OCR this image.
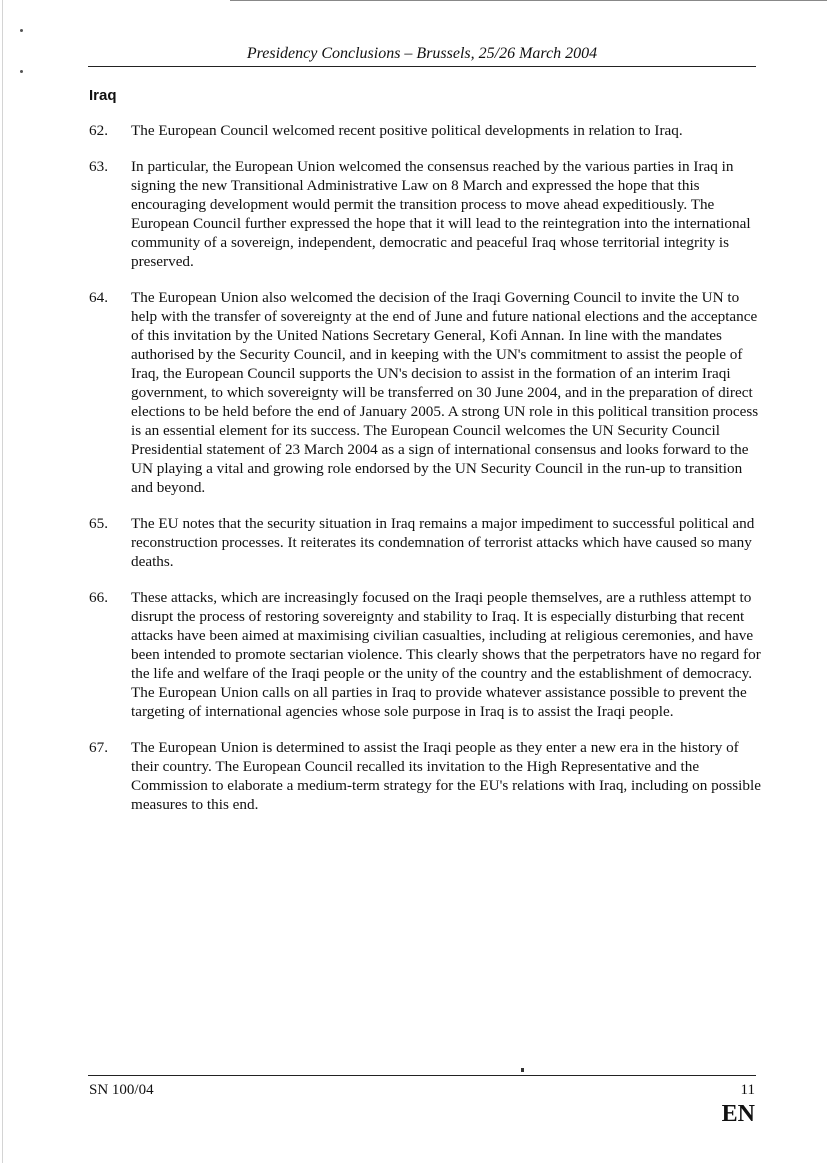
Presidency Conclusions – Brussels, 25/26 March 2004
Iraq
62.	The European Council welcomed recent positive political developments in relation to Iraq.
63.	In particular, the European Union welcomed the consensus reached by the various parties in Iraq in signing the new Transitional Administrative Law on 8 March and expressed the hope that this encouraging development would permit the transition process to move ahead expeditiously. The European Council further expressed the hope that it will lead to the reintegration into the international community of a sovereign, independent, democratic and peaceful Iraq whose territorial integrity is preserved.
64.	The European Union also welcomed the decision of the Iraqi Governing Council to invite the UN to help with the transfer of sovereignty at the end of June and future national elections and the acceptance of this invitation by the United Nations Secretary General, Kofi Annan. In line with the mandates authorised by the Security Council, and in keeping with the UN's commitment to assist the people of Iraq, the European Council supports the UN's decision to assist in the formation of an interim Iraqi government, to which sovereignty will be transferred on 30 June 2004, and in the preparation of direct elections to be held before the end of January 2005. A strong UN role in this political transition process is an essential element for its success. The European Council welcomes the UN Security Council Presidential statement of 23 March 2004 as a sign of international consensus and looks forward to the UN playing a vital and growing role endorsed by the UN Security Council in the run-up to transition and beyond.
65.	The EU notes that the security situation in Iraq remains a major impediment to successful political and reconstruction processes. It reiterates its condemnation of terrorist attacks which have caused so many deaths.
66.	These attacks, which are increasingly focused on the Iraqi people themselves, are a ruthless attempt to disrupt the process of restoring sovereignty and stability to Iraq. It is especially disturbing that recent attacks have been aimed at maximising civilian casualties, including at religious ceremonies, and have been intended to promote sectarian violence. This clearly shows that the perpetrators have no regard for the life and welfare of the Iraqi people or the unity of the country and the establishment of democracy. The European Union calls on all parties in Iraq to provide whatever assistance possible to prevent the targeting of international agencies whose sole purpose in Iraq is to assist the Iraqi people.
67.	The European Union is determined to assist the Iraqi people as they enter a new era in the history of their country. The European Council recalled its invitation to the High Representative and the Commission to elaborate a medium-term strategy for the EU's relations with Iraq, including on possible measures to this end.
SN 100/04	11
EN
